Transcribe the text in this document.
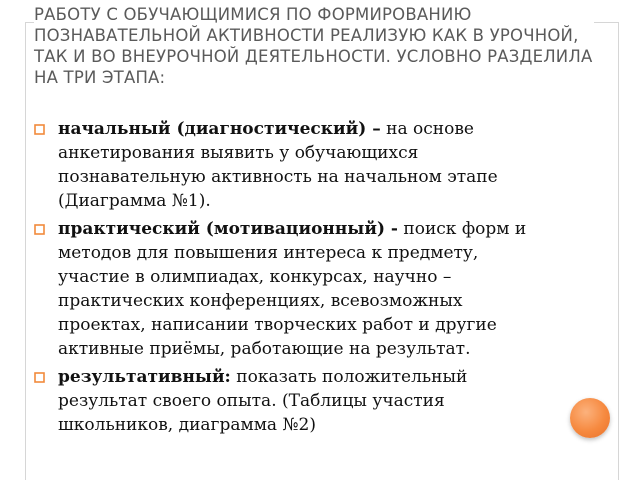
РАБОТУ С ОБУЧАЮЩИМИСЯ ПО ФОРМИРОВАНИЮ ПОЗНАВАТЕЛЬНОЙ АКТИВНОСТИ РЕАЛИЗУЮ КАК В УРОЧНОЙ, ТАК И ВО ВНЕУРОЧНОЙ ДЕЯТЕЛЬНОСТИ. УСЛОВНО РАЗДЕЛИЛА НА ТРИ ЭТАПА:
начальный (диагностический) – на основе анкетирования выявить у обучающихся познавательную активность на начальном этапе (Диаграмма №1).
практический (мотивационный) - поиск форм и методов для повышения интереса к предмету, участие в олимпиадах, конкурсах, научно – практических конференциях, всевозможных проектах, написании творческих работ и другие активные приёмы, работающие на результат.
результативный: показать положительный результат своего опыта. (Таблицы участия школьников, диаграмма №2)
